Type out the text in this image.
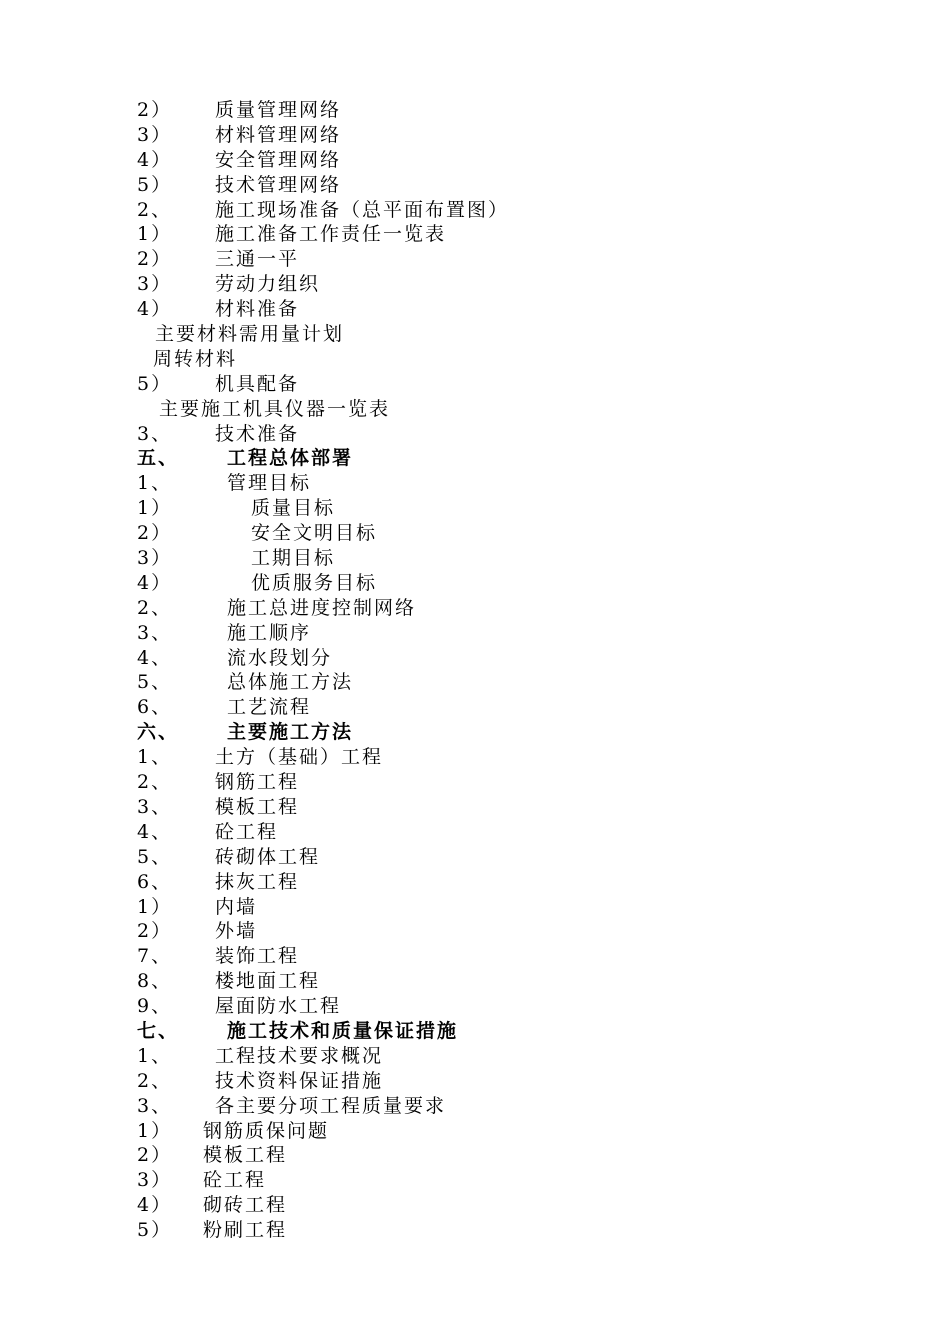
2） 质量管理网络
3） 材料管理网络
4） 安全管理网络
5） 技术管理网络
2、 施工现场准备（总平面布置图）
1） 施工准备工作责任一览表
2） 三通一平
3） 劳动力组织
4） 材料准备
主要材料需用量计划
周转材料
5） 机具配备
主要施工机具仪器一览表
3、 技术准备
五、	工程总体部署
1、	管理目标
1）	质量目标
2）	安全文明目标
3）	工期目标
4）	优质服务目标
2、	施工总进度控制网络
3、	施工顺序
4、	流水段划分
5、	总体施工方法
6、	工艺流程
六、	主要施工方法
1、 土方（基础）工程
2、 钢筋工程
3、 模板工程
4、 砼工程
5、 砖砌体工程
6、 抹灰工程
1） 内墙
2） 外墙
7、 装饰工程
8、 楼地面工程
9、 屋面防水工程
七、	施工技术和质量保证措施
1、 工程技术要求概况
2、 技术资料保证措施
3、 各主要分项工程质量要求
1） 钢筋质保问题
2） 模板工程
3） 砼工程
4） 砌砖工程
5） 粉刷工程
